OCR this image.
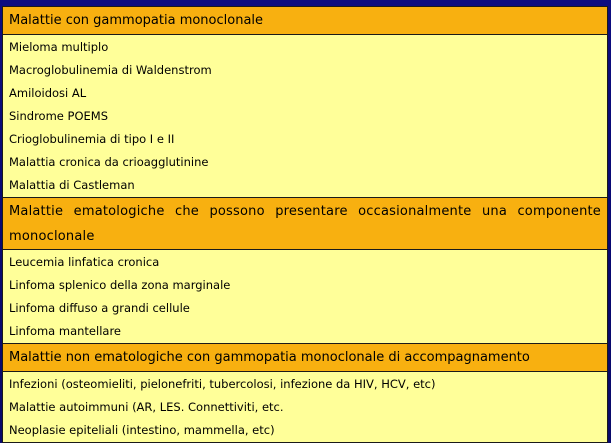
Malattie con gammopatia monoclonale
Mieloma multiplo
Macroglobulinemia di Waldenstrom
Amiloidosi AL
Sindrome POEMS
Crioglobulinemia di tipo I e II
Malattia cronica da crioagglutinine
Malattia di Castleman
Malattie ematologiche che possono presentare occasionalmente una componente
monoclonale
Leucemia linfatica cronica
Linfoma splenico della zona marginale
Linfoma diffuso a grandi cellule
Linfoma mantellare
Malattie non ematologiche con gammopatia monoclonale di accompagnamento
Infezioni (osteomieliti, pielonefriti, tubercolosi, infezione da HIV, HCV, etc)
Malattie autoimmuni (AR, LES. Connettiviti, etc.
Neoplasie epiteliali (intestino, mammella, etc)
